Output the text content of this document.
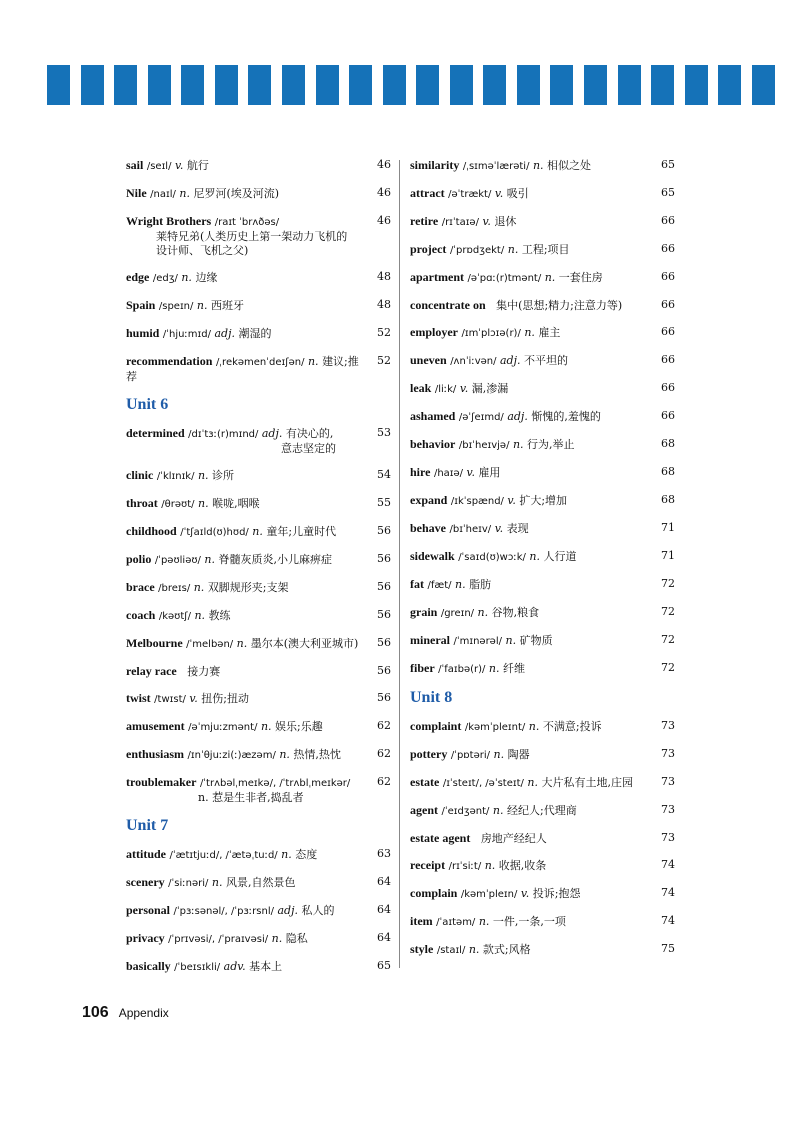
sail /seɪl/ v. 航行	46
Nile /naɪl/ n. 尼罗河(埃及河流)	46
Wright Brothers /raɪt ˈbrʌðəs/
莱特兄弟(人类历史上第一架动力飞机的
设计师、飞机之父)
46
edge /edʒ/ n. 边缘	48
Spain /speɪn/ n. 西班牙	48
humid /ˈhjuːmɪd/ adj. 潮湿的	52
recommendation /ˌrekəmenˈdeɪʃən/ n. 建议;推荐
52
Unit 6
determined /dɪˈtɜː(r)mɪnd/ adj. 有决心的,
意志坚定的
53
clinic /ˈklɪnɪk/ n. 诊所	54
throat /θrəʊt/ n. 喉咙,咽喉	55
childhood /ˈtʃaɪld(ʊ)hʊd/ n. 童年;儿童时代	56
polio /ˈpəʊliəʊ/ n. 脊髓灰质炎,小儿麻痹症	56
brace /breɪs/ n. 双脚规形夹;支架	56
coach /kəʊtʃ/ n. 教练	56
Melbourne /ˈmelbən/ n. 墨尔本(澳大利亚城市) 56
relay race 接力赛	56
twist /twɪst/ v. 扭伤;扭动	56
amusement /əˈmjuːzmənt/ n. 娱乐;乐趣	62
enthusiasm /ɪnˈθjuːzi(ː)æzəm/ n. 热情,热忱	62
troublemaker /ˈtrʌbəlˌmeɪkə/, /ˈtrʌblˌmeɪkər/
n. 惹是生非者,捣乱者
62
Unit 7
attitude /ˈætɪtjuːd/, /ˈætəˌtuːd/ n. 态度	63
scenery /ˈsiːnəri/ n. 风景,自然景色	64
personal /ˈpɜːsənəl/, /ˈpɜːrsnl/ adj. 私人的	64
privacy /ˈprɪvəsi/, /ˈpraɪvəsi/ n. 隐私	64
basically /ˈbeɪsɪkli/ adv. 基本上	65
similarity /ˌsɪməˈlærəti/ n. 相似之处	65
attract /əˈtrækt/ v. 吸引	65
retire /rɪˈtaɪə/ v. 退休	66
project /ˈprɒdʒekt/ n. 工程;项目	66
apartment /əˈpɑː(r)tmənt/ n. 一套住房	66
concentrate on 集中(思想;精力;注意力等)	66
employer /ɪmˈplɔɪə(r)/ n. 雇主	66
uneven /ʌnˈiːvən/ adj. 不平坦的	66
leak /liːk/ v. 漏,渗漏	66
ashamed /əˈʃeɪmd/ adj. 惭愧的,羞愧的	66
behavior /bɪˈheɪvjə/ n. 行为,举止	68
hire /haɪə/ v. 雇用	68
expand /ɪkˈspænd/ v. 扩大;增加	68
behave /bɪˈheɪv/ v. 表现	71
sidewalk /ˈsaɪd(ʊ)wɔːk/ n. 人行道	71
fat /fæt/ n. 脂肪	72
grain /greɪn/ n. 谷物,粮食	72
mineral /ˈmɪnərəl/ n. 矿物质	72
fiber /ˈfaɪbə(r)/ n. 纤维	72
Unit 8
complaint /kəmˈpleɪnt/ n. 不满意;投诉	73
pottery /ˈpɒtəri/ n. 陶器	73
estate /ɪˈsteɪt/, /əˈsteɪt/ n. 大片私有土地,庄园	73
agent /ˈeɪdʒənt/ n. 经纪人;代理商	73
estate agent 房地产经纪人	73
receipt /rɪˈsiːt/ n. 收据,收条	74
complain /kəmˈpleɪn/ v. 投诉;抱怨	74
item /ˈaɪtəm/ n. 一件,一条,一项	74
style /staɪl/ n. 款式;风格	75
106 Appendix
